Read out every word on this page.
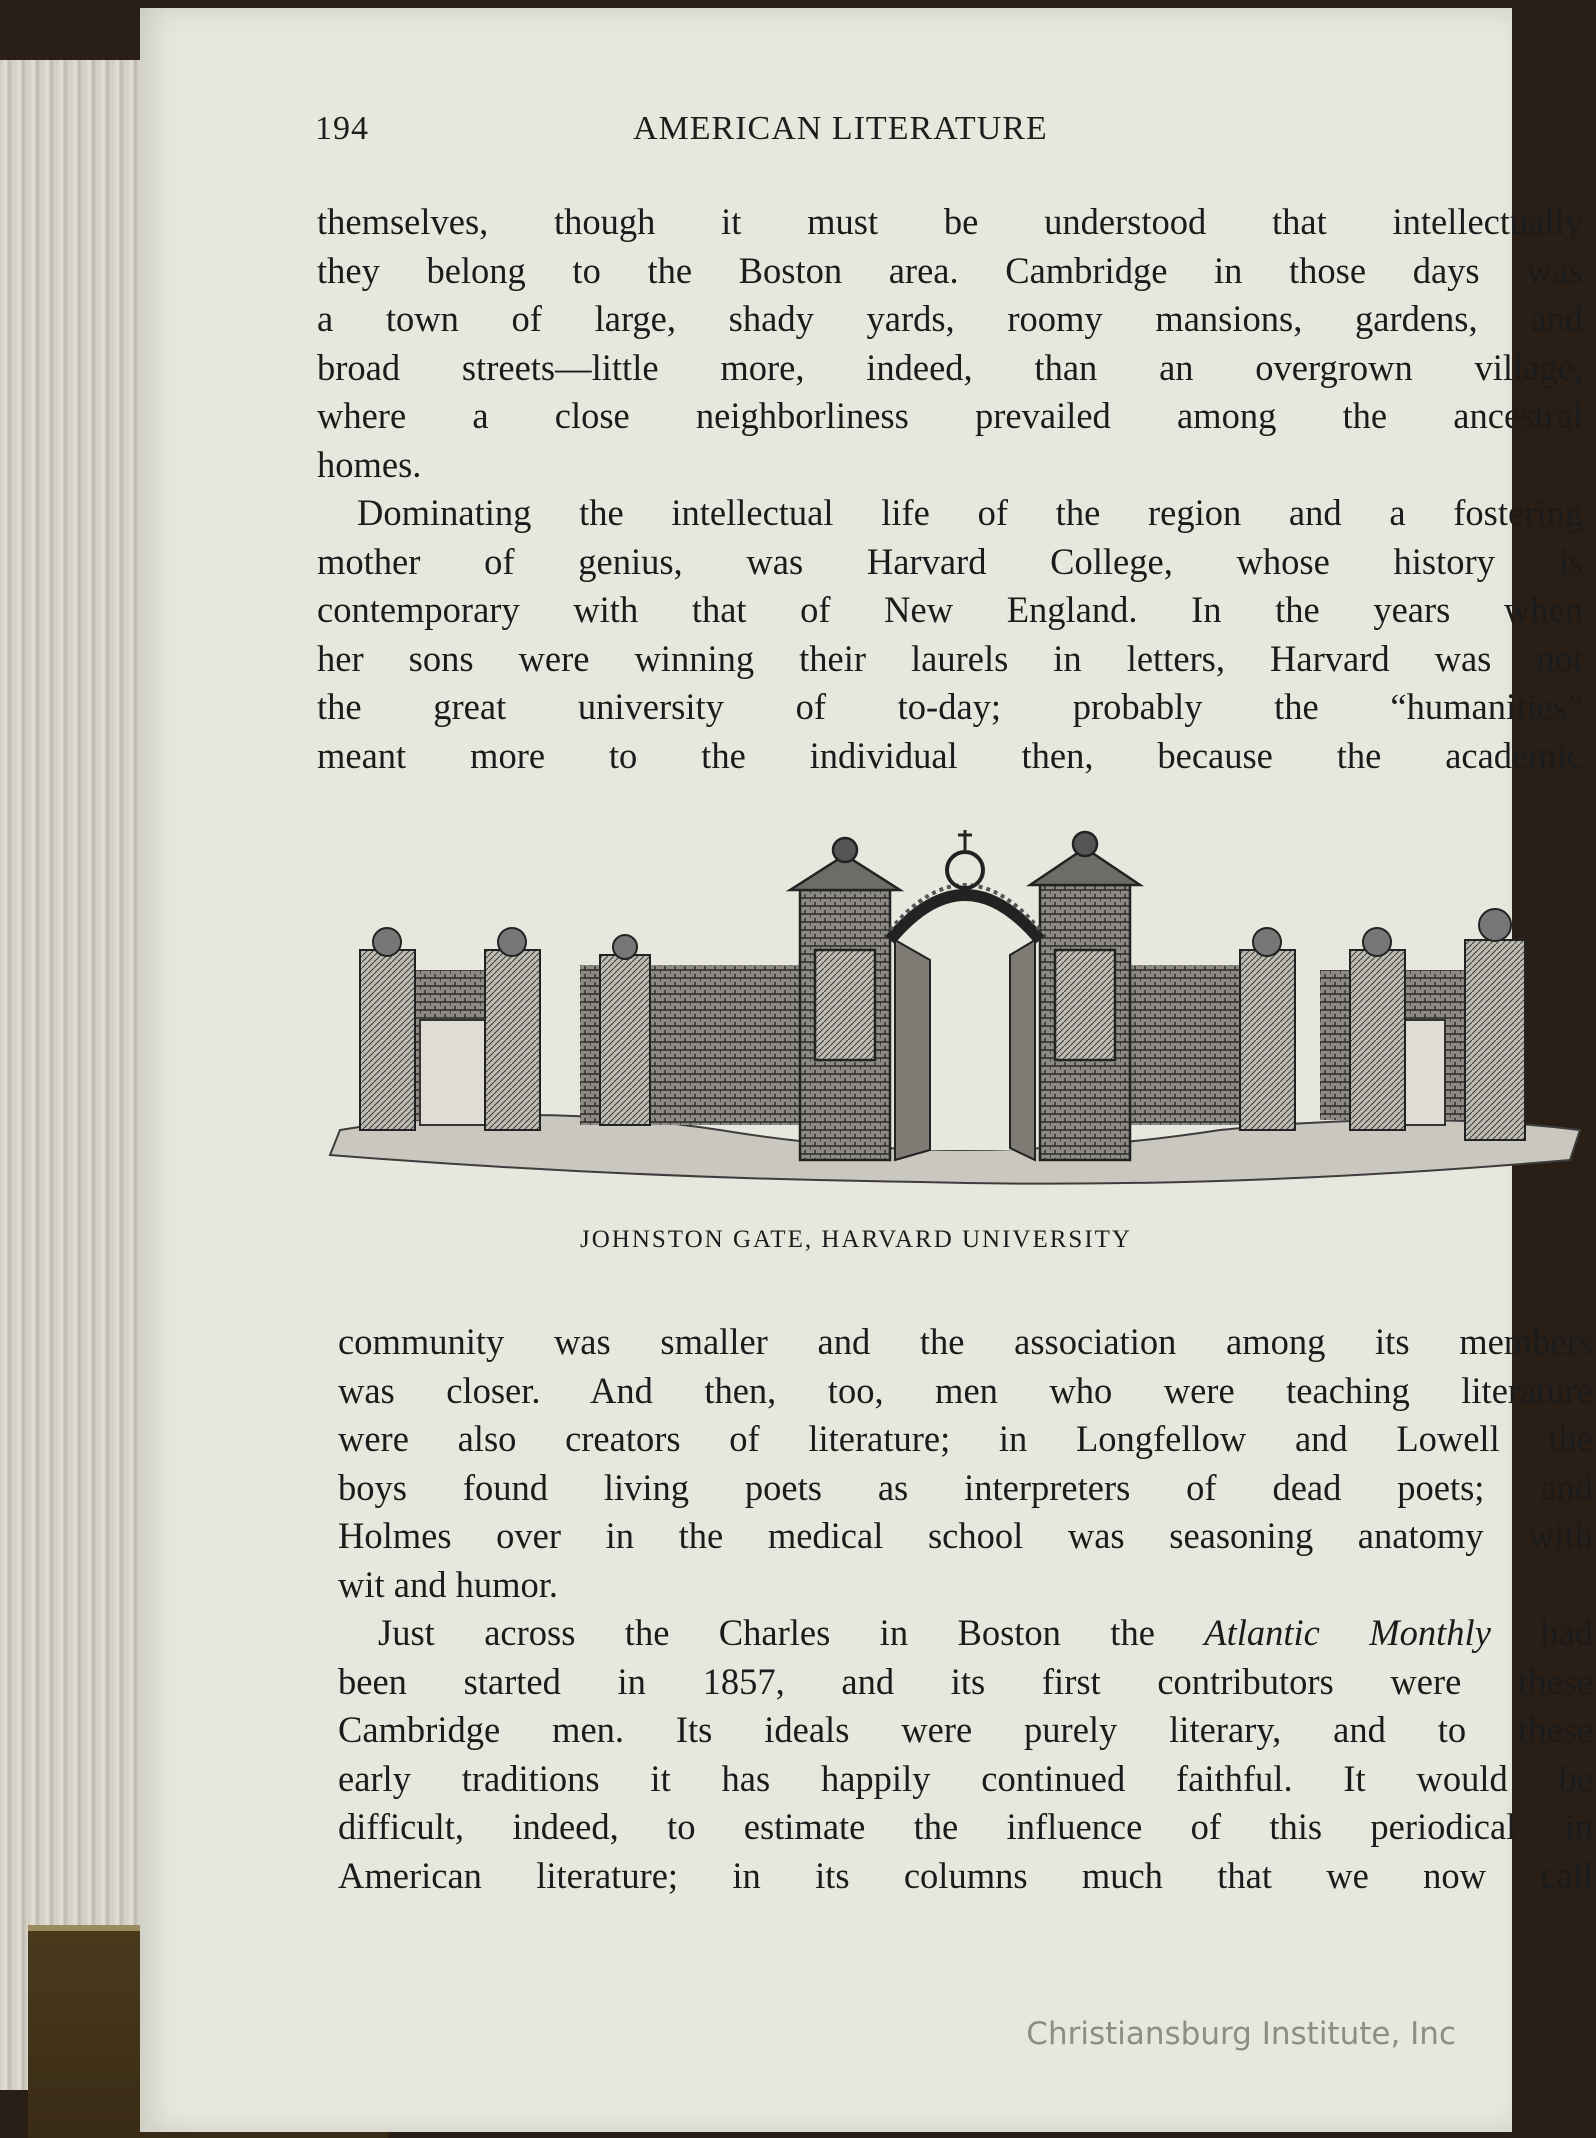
194	AMERICAN LITERATURE

themselves, though it must be understood that intellectually
they belong to the Boston area. Cambridge in those days was
a town of large, shady yards, roomy mansions, gardens, and
broad streets—little more, indeed, than an overgrown village,
where a close neighborliness prevailed among the ancestral
homes.

Dominating the intellectual life of the region and a fostering
mother of genius, was Harvard College, whose history is
contemporary with that of New England. In the years when
her sons were winning their laurels in letters, Harvard was not
the great university of to-day; probably the “humanities”
meant more to the individual then, because the academic

JOHNSTON GATE, HARVARD UNIVERSITY

community was smaller and the association among its members
was closer. And then, too, men who were teaching literature
were also creators of literature; in Longfellow and Lowell the
boys found living poets as interpreters of dead poets; and
Holmes over in the medical school was seasoning anatomy with
wit and humor.

Just across the Charles in Boston the Atlantic Monthly had
been started in 1857, and its first contributors were these
Cambridge men. Its ideals were purely literary, and to these
early traditions it has happily continued faithful. It would be
difficult, indeed, to estimate the influence of this periodical in
American literature; in its columns much that we now call

Christiansburg Institute, Inc
